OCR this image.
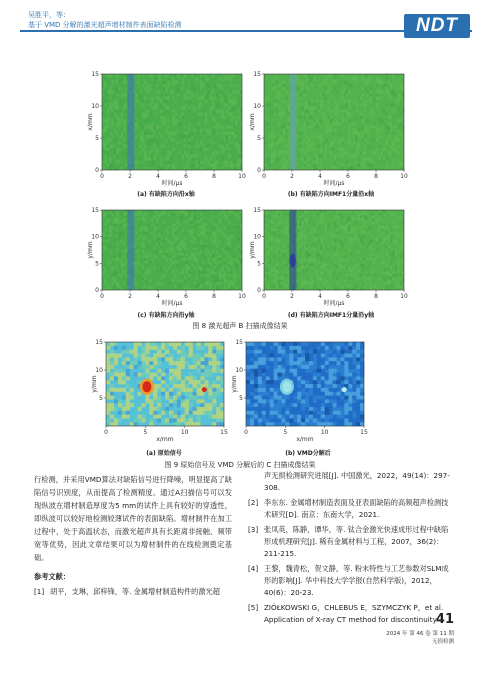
吴胜平，等：
基于 VMD 分解的激光超声增材制件表面缺陷检测	NDT
0	2	4	6	8	10
0
5
10
15
时间/μs
x/mm
0	2	4	6	8	10
0
5
10
15
时间/μs
x/mm
0	2	4	6	8	10
0
5
10
15
时间/μs
y/mm
0	2	4	6	8	10
0
5
10
15
时间/μs
y/mm
(a) 有缺陷方向沿x轴	(b) 有缺陷方向IMF1分量沿x轴
(c) 有缺陷方向沿y轴	(d) 有缺陷方向IMF1分量沿y轴
图 8 激光超声 B 扫描成像结果
0	5	10	15
5
10
15
x/mm
y/mm
0	5	10	15
5
10
15
x/mm
y/mm
(a) 原始信号	(b) VMD分解后
图 9 原始信号及 VMD 分解后的 C 扫描成像结果

行检测，并采用VMD算法对缺陷信号进行降噪，明显提高了缺陷信号识别度，从而提高了检测精度。通过A扫描信号可以发现纵波在增材制造厚度为5 mm的试件上具有较好的穿透性，即纵波可以较好地检测较薄试件的表面缺陷。增材制件在加工过程中，处于高温状态，而激光超声具有长距离非接触、频带宽等优势，因此文章结果可以为增材制件的在线检测奠定基础。

参考文献：
[1] 胡平，支琳，邱梓锋，等. 金属增材制造构件的激光超
声无损检测研究进展[J]. 中国激光，2022，49(14)：297-308.
[2] 李东东. 金属增材制造表面及亚表面缺陷的高频超声检测技术研究[D]. 南京：东南大学，2021.
[3] 张凤英，陈静，谭华，等. 钛合金激光快速成形过程中缺陷形成机理研究[J]. 稀有金属材料与工程，2007，36(2)：211-215.
[4] 王黎，魏青松，贺文静，等. 粉末特性与工艺参数对SLM成形的影响[J]. 华中科技大学学报(自然科学版)，2012，40(6)：20-23.
[5] ZIÓŁKOWSKI G，CHLEBUS E，SZYMCZYK P，et al. Application of X-ray CT method for discontinuity 41
2024 年 第 46 卷 第 11 期
无损检测
